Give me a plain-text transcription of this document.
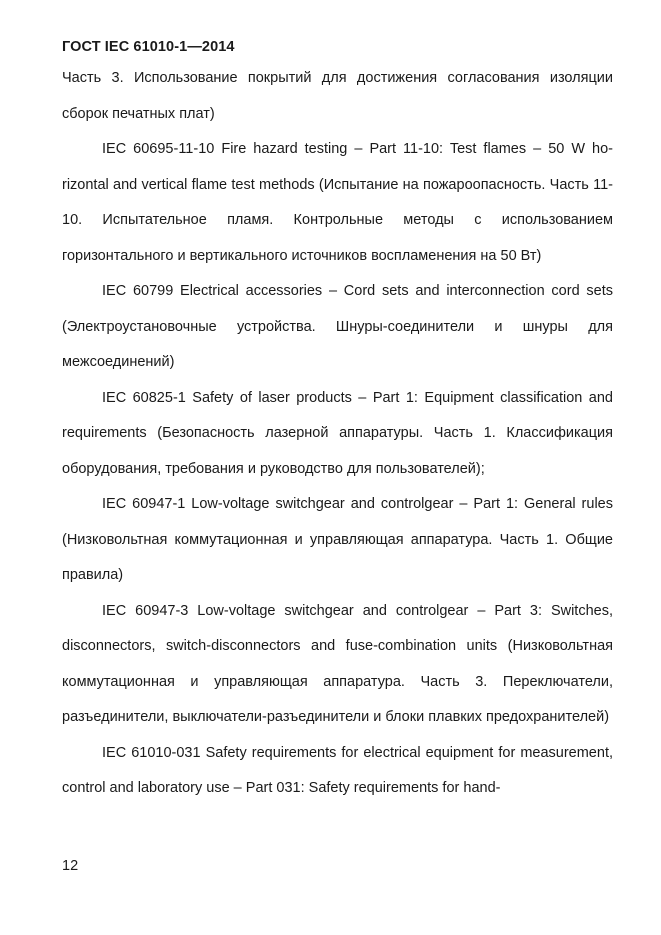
ГОСТ IEC 61010-1—2014

Часть 3. Использование покрытий для достижения согласования изоляции сборок печатных плат)

IEC 60695-11-10 Fire hazard testing – Part 11-10: Test flames – 50 W horizontal and vertical flame test methods (Испытание на пожароопасность. Часть 11-10. Испытательное пламя. Контрольные методы с использованием горизонтального и вертикального источников воспламенения на 50 Вт)

IEC 60799 Electrical accessories – Cord sets and interconnection cord sets (Электроустановочные устройства. Шнуры-соединители и шнуры для межсоединений)

IEC 60825-1 Safety of laser products – Part 1: Equipment classification and requirements (Безопасность лазерной аппаратуры. Часть 1. Классификация оборудования, требования и руководство для пользователей);

IEC 60947-1 Low-voltage switchgear and controlgear – Part 1: General rules (Низковольтная коммутационная и управляющая аппаратура. Часть 1. Общие правила)

IEC 60947-3 Low-voltage switchgear and controlgear – Part 3: Switches, disconnectors, switch-disconnectors and fuse-combination units (Низковольтная коммутационная и управляющая аппаратура. Часть 3. Переключатели, разъединители, выключатели-разъединители и блоки плавких предохранителей)

IEC 61010-031 Safety requirements for electrical equipment for measurement, control and laboratory use – Part 031: Safety requirements for hand-

12
